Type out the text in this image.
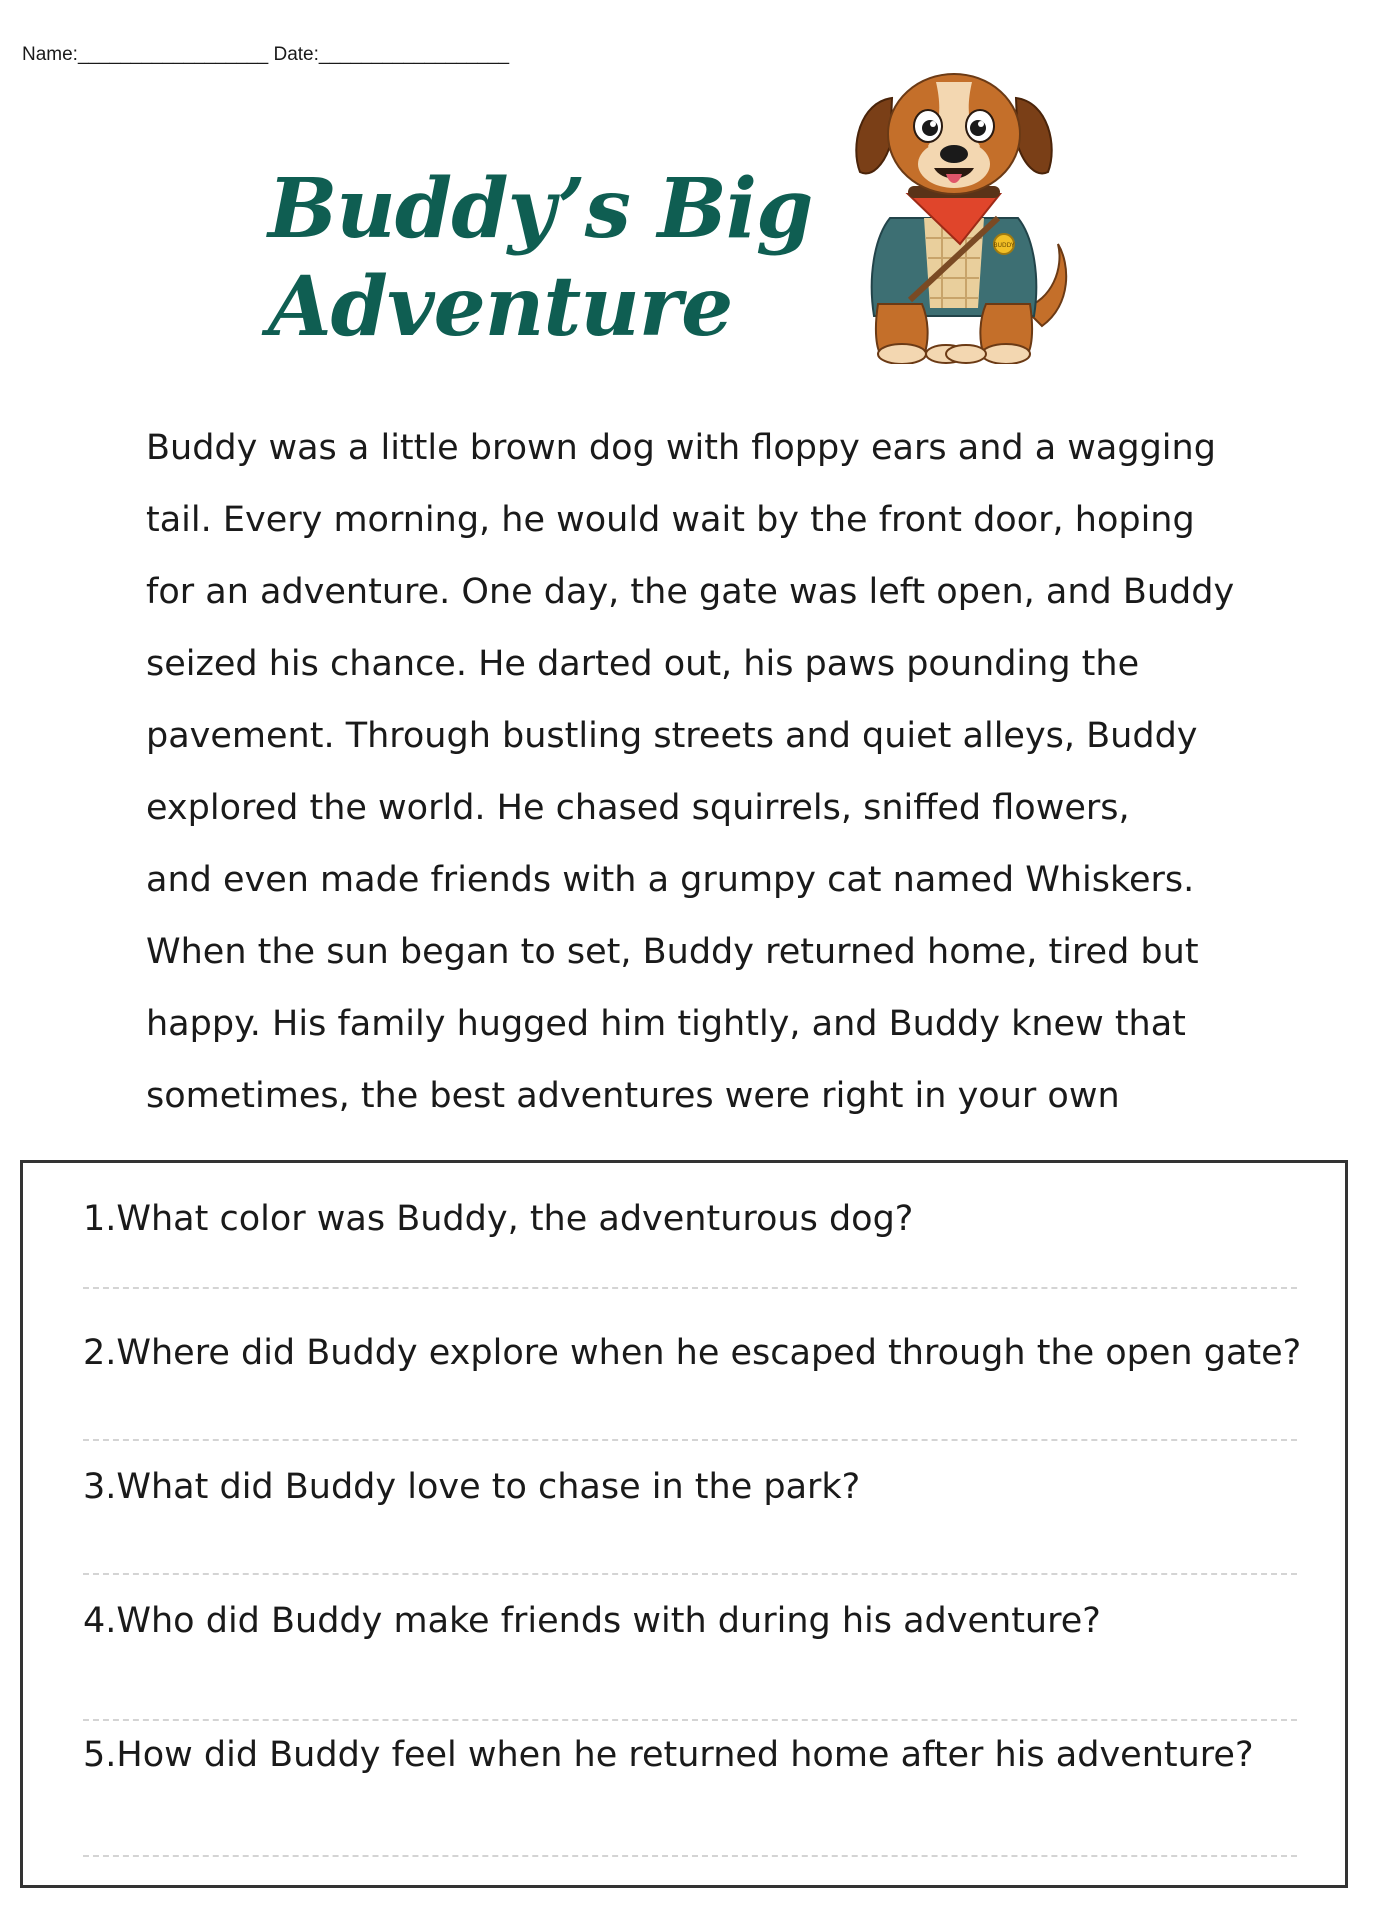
Name:__________________ Date:__________________
Buddy’s Big
Adventure
BUDDY
Buddy was a little brown dog with floppy ears and a wagging
tail. Every morning, he would wait by the front door, hoping
for an adventure. One day, the gate was left open, and Buddy
seized his chance. He darted out, his paws pounding the
pavement. Through bustling streets and quiet alleys, Buddy
explored the world. He chased squirrels, sniffed flowers,
and even made friends with a grumpy cat named Whiskers.
When the sun began to set, Buddy returned home, tired but
happy. His family hugged him tightly, and Buddy knew that
sometimes, the best adventures were right in your own
1.What color was Buddy, the adventurous dog?
2.Where did Buddy explore when he escaped through the open gate?
3.What did Buddy love to chase in the park?
4.Who did Buddy make friends with during his adventure?
5.How did Buddy feel when he returned home after his adventure?
